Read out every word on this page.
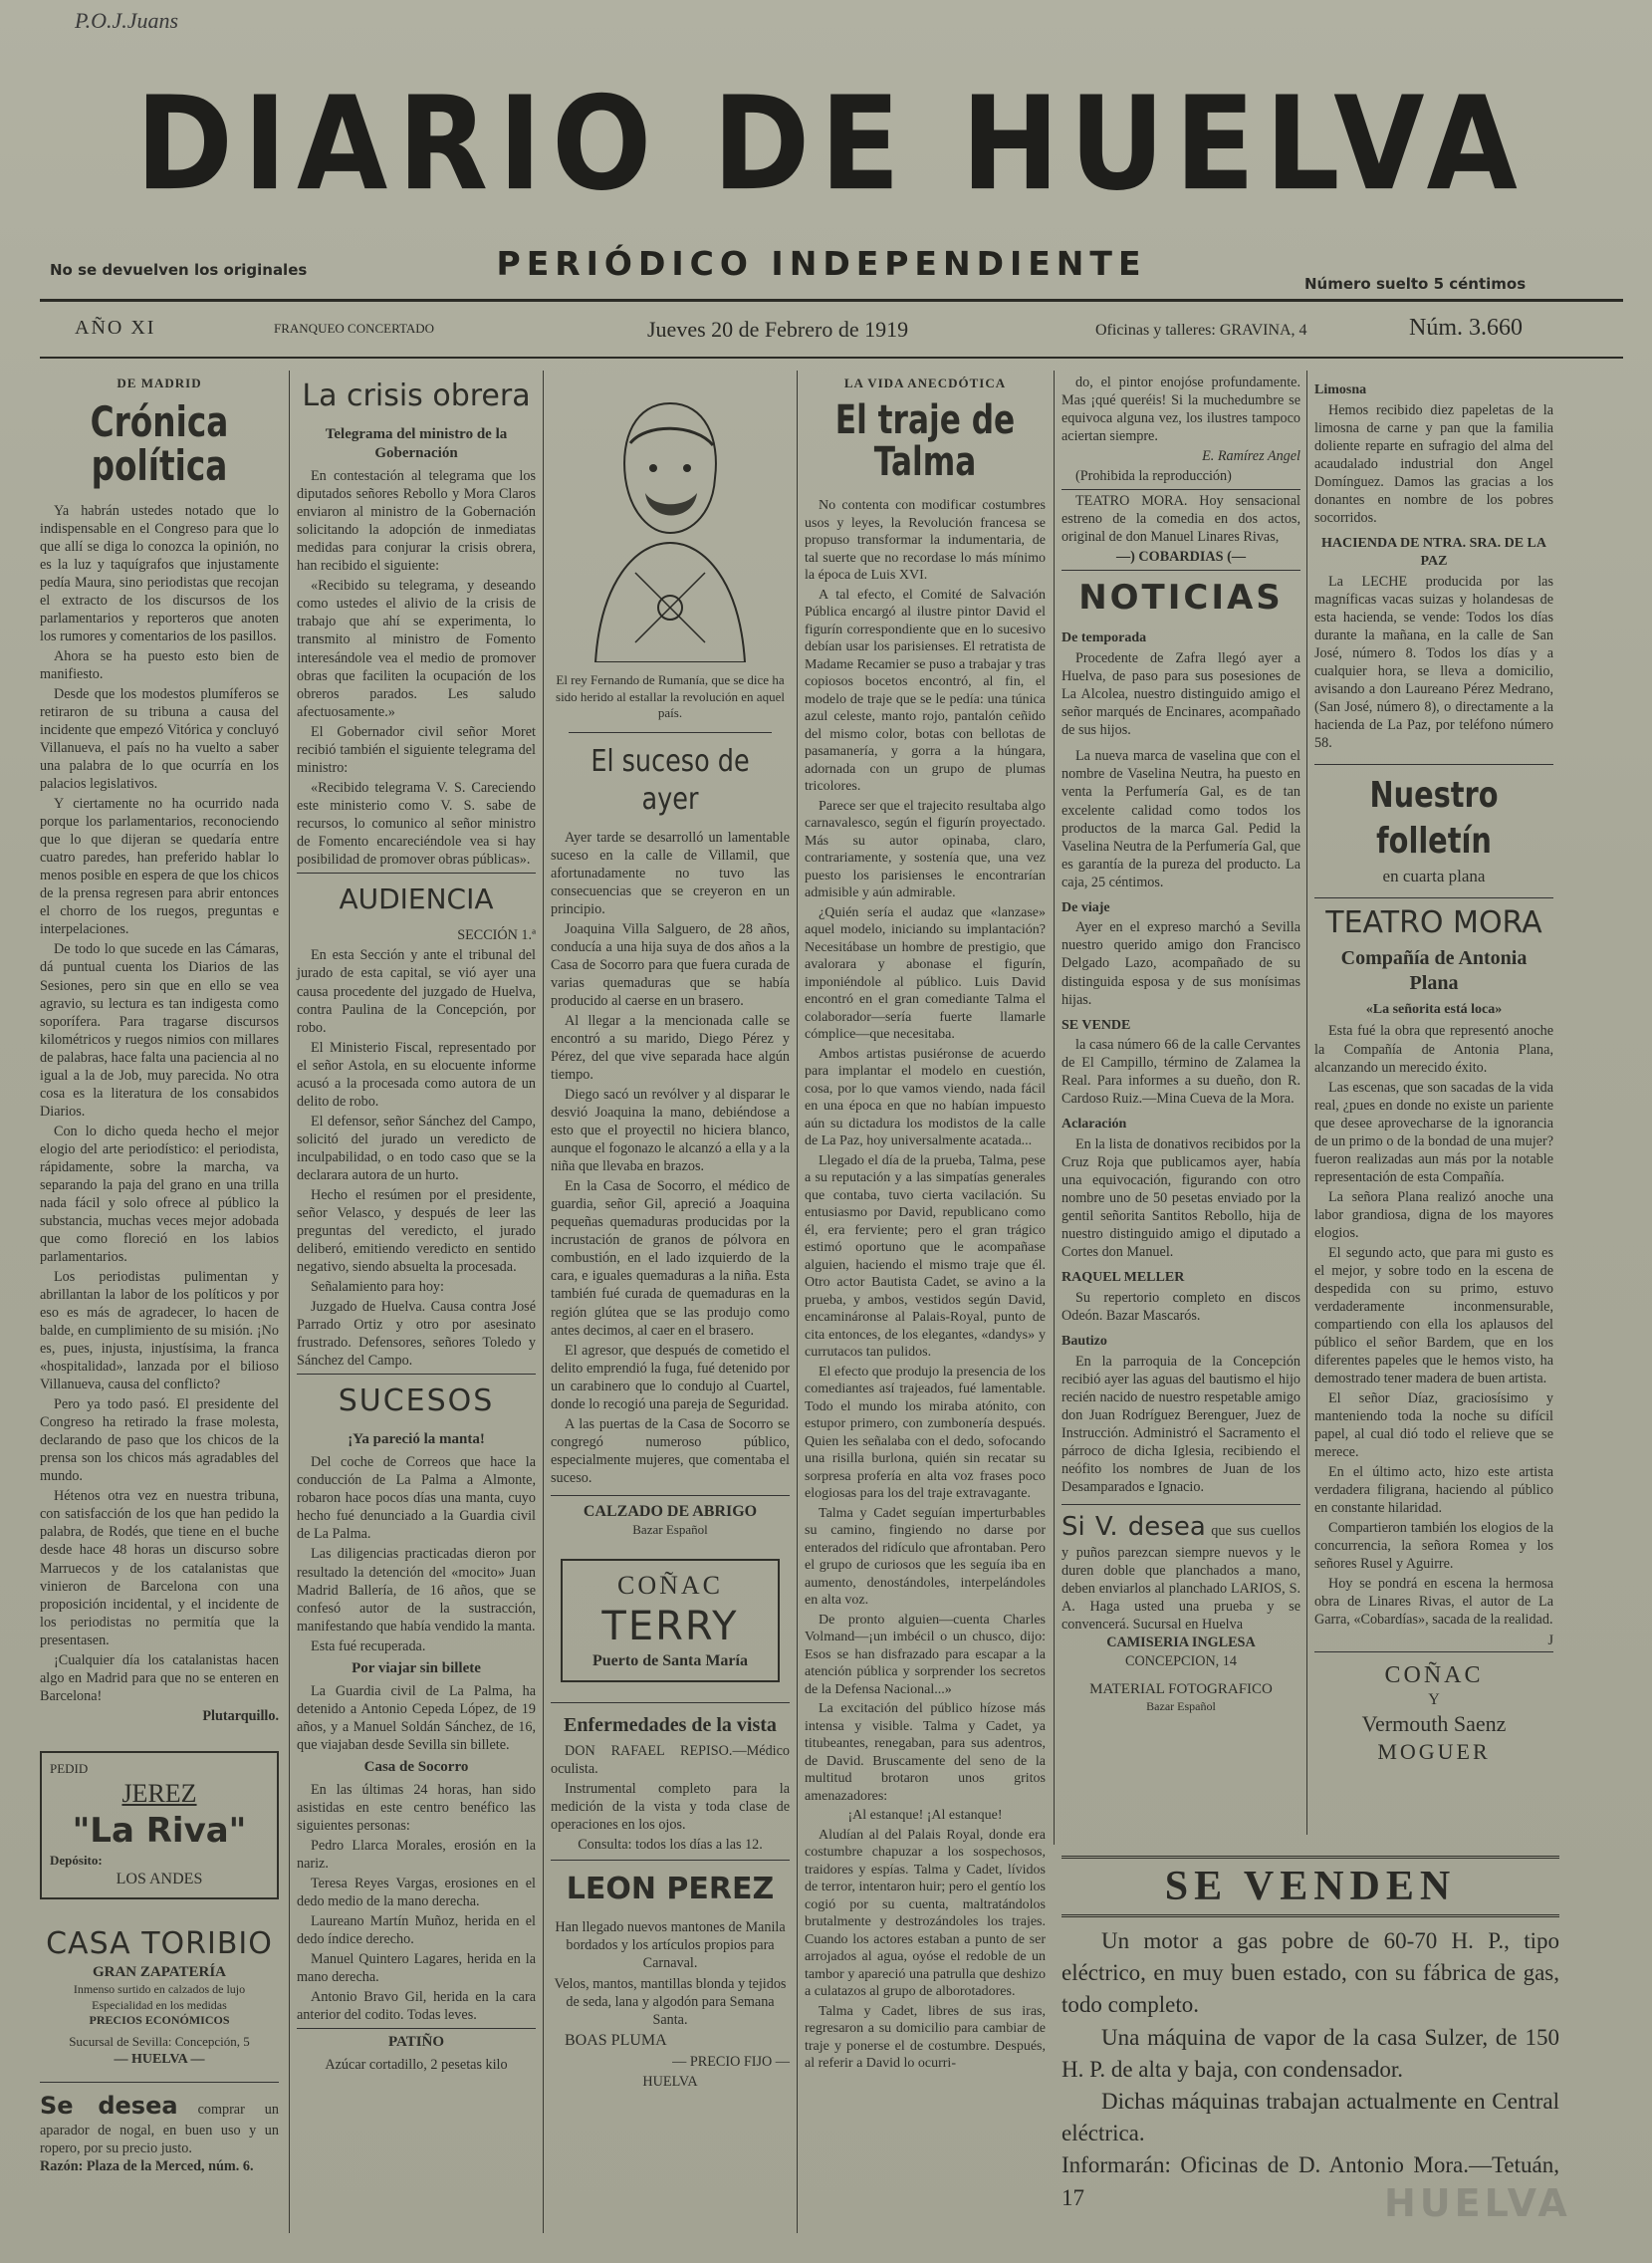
P.O.J.Juans
DIARIO DE HUELVA
No se devuelven los originales	PERIÓDICO INDEPENDIENTE
Número suelto 5 céntimos
AÑO XI	FRANQUEO CONCERTADO	Jueves 20 de Febrero de 1919	Oficinas y talleres: GRAVINA, 4	Núm. 3.660
DE MADRID
Crónica política

Ya habrán ustedes notado que lo indispensable en el Congreso para que lo que allí se diga lo conozca la opinión, no es la luz y taquígrafos que injustamente pedía Maura, sino periodistas que recojan el extracto de los discursos de los parlamentarios y reporteros que anoten los rumores y comentarios de los pasillos.

Ahora se ha puesto esto bien de manifiesto.

Desde que los modestos plumíferos se retiraron de su tribuna a causa del incidente que empezó Vitórica y concluyó Villanueva, el país no ha vuelto a saber una palabra de lo que ocurría en los palacios legislativos.

Y ciertamente no ha ocurrido nada porque los parlamentarios, reconociendo que lo que dijeran se quedaría entre cuatro paredes, han preferido hablar lo menos posible en espera de que los chicos de la prensa regresen para abrir entonces el chorro de los ruegos, preguntas e interpelaciones.

De todo lo que sucede en las Cámaras, dá puntual cuenta los Diarios de las Sesiones, pero sin que en ello se vea agravio, su lectura es tan indigesta como soporífera. Para tragarse discursos kilométricos y ruegos nimios con millares de palabras, hace falta una paciencia al no igual a la de Job, muy parecida. No otra cosa es la literatura de los consabidos Diarios.

Con lo dicho queda hecho el mejor elogio del arte periodístico: el periodista, rápidamente, sobre la marcha, va separando la paja del grano en una trilla nada fácil y solo ofrece al público la substancia, muchas veces mejor adobada que como floreció en los labios parlamentarios.

Los periodistas pulimentan y abrillantan la labor de los políticos y por eso es más de agradecer, lo hacen de balde, en cumplimiento de su misión. ¡No es, pues, injusta, injustísima, la franca «hospitalidad», lanzada por el bilioso Villanueva, causa del conflicto?

Pero ya todo pasó. El presidente del Congreso ha retirado la frase molesta, declarando de paso que los chicos de la prensa son los chicos más agradables del mundo.

Hétenos otra vez en nuestra tribuna, con satisfacción de los que han pedido la palabra, de Rodés, que tiene en el buche desde hace 48 horas un discurso sobre Marruecos y de los catalanistas que vinieron de Barcelona con una proposición incidental, y el incidente de los periodistas no permitía que la presentasen.

¡Cualquier día los catalanistas hacen algo en Madrid para que no se enteren en Barcelona!

Plutarquillo.

PEDID
JEREZ
"La Riva"
Depósito:
LOS ANDES
CASA TORIBIO
GRAN ZAPATERÍA
Inmenso surtido en calzados de lujo
Especialidad en los medidas
PRECIOS ECONÓMICOS
Sucursal de Sevilla: Concepción, 5
— HUELVA —
Se desea comprar un aparador de nogal, en buen uso y un ropero, por su precio justo.
Razón: Plaza de la Merced, núm. 6.
La crisis obrera
Telegrama del ministro de la Gobernación

En contestación al telegrama que los diputados señores Rebollo y Mora Claros enviaron al ministro de la Gobernación solicitando la adopción de inmediatas medidas para conjurar la crisis obrera, han recibido el siguiente:

«Recibido su telegrama, y deseando como ustedes el alivio de la crisis de trabajo que ahí se experimenta, lo transmito al ministro de Fomento interesándole vea el medio de promover obras que faciliten la ocupación de los obreros parados. Les saludo afectuosamente.»

El Gobernador civil señor Moret recibió también el siguiente telegrama del ministro:

«Recibido telegrama V. S. Careciendo este ministerio como V. S. sabe de recursos, lo comunico al señor ministro de Fomento encareciéndole vea si hay posibilidad de promover obras públicas».

AUDIENCIA

SECCIÓN 1.ª

En esta Sección y ante el tribunal del jurado de esta capital, se vió ayer una causa procedente del juzgado de Huelva, contra Paulina de la Concepción, por robo.

El Ministerio Fiscal, representado por el señor Astola, en su elocuente informe acusó a la procesada como autora de un delito de robo.

El defensor, señor Sánchez del Campo, solicitó del jurado un veredicto de inculpabilidad, o en todo caso que se la declarara autora de un hurto.

Hecho el resúmen por el presidente, señor Velasco, y después de leer las preguntas del veredicto, el jurado deliberó, emitiendo veredicto en sentido negativo, siendo absuelta la procesada.

Señalamiento para hoy:

Juzgado de Huelva. Causa contra José Parrado Ortiz y otro por asesinato frustrado. Defensores, señores Toledo y Sánchez del Campo.

SUCESOS
¡Ya pareció la manta!

Del coche de Correos que hace la conducción de La Palma a Almonte, robaron hace pocos días una manta, cuyo hecho fué denunciado a la Guardia civil de La Palma.

Las diligencias practicadas dieron por resultado la detención del «mocito» Juan Madrid Ballería, de 16 años, que se confesó autor de la sustracción, manifestando que había vendido la manta.

Esta fué recuperada.

Por viajar sin billete

La Guardia civil de La Palma, ha detenido a Antonio Cepeda López, de 19 años, y a Manuel Soldán Sánchez, de 16, que viajaban desde Sevilla sin billete.

Casa de Socorro

En las últimas 24 horas, han sido asistidas en este centro benéfico las siguientes personas:

Pedro Llarca Morales, erosión en la nariz.

Teresa Reyes Vargas, erosiones en el dedo medio de la mano derecha.

Laureano Martín Muñoz, herida en el dedo índice derecho.

Manuel Quintero Lagares, herida en la mano derecha.

Antonio Bravo Gil, herida en la cara anterior del codito. Todas leves.

PATIÑO

Azúcar cortadillo, 2 pesetas kilo

El rey Fernando de Rumanía, que se dice ha sido herido al estallar la revolución en aquel país.

El suceso de ayer

Ayer tarde se desarrolló un lamentable suceso en la calle de Villamil, que afortunadamente no tuvo las consecuencias que se creyeron en un principio.

Joaquina Villa Salguero, de 28 años, conducía a una hija suya de dos años a la Casa de Socorro para que fuera curada de varias quemaduras que se había producido al caerse en un brasero.

Al llegar a la mencionada calle se encontró a su marido, Diego Pérez y Pérez, del que vive separada hace algún tiempo.

Diego sacó un revólver y al disparar le desvió Joaquina la mano, debiéndose a esto que el proyectil no hiciera blanco, aunque el fogonazo le alcanzó a ella y a la niña que llevaba en brazos.

En la Casa de Socorro, el médico de guardia, señor Gil, apreció a Joaquina pequeñas quemaduras producidas por la incrustación de granos de pólvora en combustión, en el lado izquierdo de la cara, e iguales quemaduras a la niña. Esta también fué curada de quemaduras en la región glútea que se las produjo como antes decimos, al caer en el brasero.

El agresor, que después de cometido el delito emprendió la fuga, fué detenido por un carabinero que lo condujo al Cuartel, donde lo recogió una pareja de Seguridad.

A las puertas de la Casa de Socorro se congregó numeroso público, especialmente mujeres, que comentaba el suceso.

CALZADO DE ABRIGO
Bazar Español
COÑAC
TERRY
Puerto de Santa María
Enfermedades de la vista

DON RAFAEL REPISO.—Médico oculista.

Instrumental completo para la medición de la vista y toda clase de operaciones en los ojos.

Consulta: todos los días a las 12.

LEON PEREZ

Han llegado nuevos mantones de Manila bordados y los artículos propios para Carnaval.

Velos, mantos, mantillas blonda y tejidos de seda, lana y algodón para Semana Santa.

BOAS PLUMA

— PRECIO FIJO —

HUELVA

LA VIDA ANECDÓTICA
El traje de Talma

No contenta con modificar costumbres usos y leyes, la Revolución francesa se propuso transformar la indumentaria, de tal suerte que no recordase lo más mínimo la época de Luis XVI.

A tal efecto, el Comité de Salvación Pública encargó al ilustre pintor David el figurín correspondiente que en lo sucesivo debían usar los parisienses. El retratista de Madame Recamier se puso a trabajar y tras copiosos bocetos encontró, al fin, el modelo de traje que se le pedía: una túnica azul celeste, manto rojo, pantalón ceñido del mismo color, botas con bellotas de pasamanería, y gorra a la húngara, adornada con un grupo de plumas tricolores.

Parece ser que el trajecito resultaba algo carnavalesco, según el figurín proyectado. Más su autor opinaba, claro, contrariamente, y sostenía que, una vez puesto los parisienses le encontrarían admisible y aún admirable.

¿Quién sería el audaz que «lanzase» aquel modelo, iniciando su implantación? Necesitábase un hombre de prestigio, que avalorara y abonase el figurín, imponiéndole al público. Luis David encontró en el gran comediante Talma el colaborador—sería fuerte llamarle cómplice—que necesitaba.

Ambos artistas pusiéronse de acuerdo para implantar el modelo en cuestión, cosa, por lo que vamos viendo, nada fácil en una época en que no habían impuesto aún su dictadura los modistos de la calle de La Paz, hoy universalmente acatada...

Llegado el día de la prueba, Talma, pese a su reputación y a las simpatías generales que contaba, tuvo cierta vacilación. Su entusiasmo por David, republicano como él, era ferviente; pero el gran trágico estimó oportuno que le acompañase alguien, haciendo el mismo traje que él. Otro actor Bautista Cadet, se avino a la prueba, y ambos, vestidos según David, encamináronse al Palais-Royal, punto de cita entonces, de los elegantes, «dandys» y currutacos tan pulidos.

El efecto que produjo la presencia de los comediantes así trajeados, fué lamentable. Todo el mundo los miraba atónito, con estupor primero, con zumbonería después. Quien les señalaba con el dedo, sofocando una risilla burlona, quién sin recatar su sorpresa profería en alta voz frases poco elogiosas para los del traje extravagante.

Talma y Cadet seguían imperturbables su camino, fingiendo no darse por enterados del ridículo que afrontaban. Pero el grupo de curiosos que les seguía iba en aumento, denostándoles, interpelándoles en alta voz.

De pronto alguien—cuenta Charles Volmand—¡un imbécil o un chusco, dijo: Esos se han disfrazado para escapar a la atención pública y sorprender los secretos de la Defensa Nacional...»

La excitación del público hízose más intensa y visible. Talma y Cadet, ya titubeantes, renegaban, para sus adentros, de David. Bruscamente del seno de la multitud brotaron unos gritos amenazadores:

¡Al estanque! ¡Al estanque!

Aludían al del Palais Royal, donde era costumbre chapuzar a los sospechosos, traidores y espías. Talma y Cadet, lívidos de terror, intentaron huir; pero el gentío los cogió por su cuenta, maltratándolos brutalmente y destrozándoles los trajes. Cuando los actores estaban a punto de ser arrojados al agua, oyóse el redoble de un tambor y apareció una patrulla que deshizo a culatazos al grupo de alborotadores.

Talma y Cadet, libres de sus iras, regresaron a su domicilio para cambiar de traje y ponerse el de costumbre. Después, al referir a David lo ocurri-

do, el pintor enojóse profundamente. Mas ¡qué queréis! Si la muchedumbre se equivoca alguna vez, los ilustres tampoco aciertan siempre.

E. Ramírez Angel

(Prohibida la reproducción)

TEATRO MORA. Hoy sensacional estreno de la comedia en dos actos, original de don Manuel Linares Rivas,

—) COBARDIAS (—

NOTICIAS
De temporada

Procedente de Zafra llegó ayer a Huelva, de paso para sus posesiones de La Alcolea, nuestro distinguido amigo el señor marqués de Encinares, acompañado de sus hijos.

La nueva marca de vaselina que con el nombre de Vaselina Neutra, ha puesto en venta la Perfumería Gal, es de tan excelente calidad como todos los productos de la marca Gal. Pedid la Vaselina Neutra de la Perfumería Gal, que es garantía de la pureza del producto. La caja, 25 céntimos.

De viaje

Ayer en el expreso marchó a Sevilla nuestro querido amigo don Francisco Delgado Lazo, acompañado de su distinguida esposa y de sus monísimas hijas.

SE VENDE

la casa número 66 de la calle Cervantes de El Campillo, término de Zalamea la Real. Para informes a su dueño, don R. Cardoso Ruiz.—Mina Cueva de la Mora.

Aclaración

En la lista de donativos recibidos por la Cruz Roja que publicamos ayer, había una equivocación, figurando con otro nombre uno de 50 pesetas enviado por la gentil señorita Santitos Rebollo, hija de nuestro distinguido amigo el diputado a Cortes don Manuel.

RAQUEL MELLER

Su repertorio completo en discos Odeón. Bazar Mascarós.

Bautizo

En la parroquia de la Concepción recibió ayer las aguas del bautismo el hijo recién nacido de nuestro respetable amigo don Juan Rodríguez Berenguer, Juez de Instrucción. Administró el Sacramento el párroco de dicha Iglesia, recibiendo el neófito los nombres de Juan de los Desamparados e Ignacio.

Si V. desea que sus cuellos y puños parezcan siempre nuevos y le duren doble que planchados a mano, deben enviarlos al planchado LARIOS, S. A. Haga usted una prueba y se convencerá. Sucursal en Huelva
CAMISERIA INGLESA
CONCEPCION, 14
MATERIAL FOTOGRAFICO
Bazar Español
Limosna

Hemos recibido diez papeletas de la limosna de carne y pan que la familia doliente reparte en sufragio del alma del acaudalado industrial don Angel Domínguez. Damos las gracias a los donantes en nombre de los pobres socorridos.

HACIENDA DE NTRA. SRA. DE LA PAZ

La LECHE producida por las magníficas vacas suizas y holandesas de esta hacienda, se vende: Todos los días durante la mañana, en la calle de San José, número 8. Todos los días y a cualquier hora, se lleva a domicilio, avisando a don Laureano Pérez Medrano, (San José, número 8), o directamente a la hacienda de La Paz, por teléfono número 58.

Nuestro folletín
en cuarta plana
TEATRO MORA
Compañía de Antonia Plana
«La señorita está loca»

Esta fué la obra que representó anoche la Compañía de Antonia Plana, alcanzando un merecido éxito.

Las escenas, que son sacadas de la vida real, ¿pues en donde no existe un pariente que desee aprovecharse de la ignorancia de un primo o de la bondad de una mujer? fueron realizadas aun más por la notable representación de esta Compañía.

La señora Plana realizó anoche una labor grandiosa, digna de los mayores elogios.

El segundo acto, que para mi gusto es el mejor, y sobre todo en la escena de despedida con su primo, estuvo verdaderamente inconmensurable, compartiendo con ella los aplausos del público el señor Bardem, que en los diferentes papeles que le hemos visto, ha demostrado tener madera de buen artista.

El señor Díaz, graciosísimo y manteniendo toda la noche su difícil papel, al cual dió todo el relieve que se merece.

En el último acto, hizo este artista verdadera filigrana, haciendo al público en constante hilaridad.

Compartieron también los elogios de la concurrencia, la señora Romea y los señores Rusel y Aguirre.

Hoy se pondrá en escena la hermosa obra de Linares Rivas, el autor de La Garra, «Cobardías», sacada de la realidad.

J

COÑAC
Y
Vermouth Saenz
MOGUER
SE VENDEN
Un motor a gas pobre de 60-70 H. P., tipo eléctrico, en muy buen estado, con su fábrica de gas, todo completo.
Una máquina de vapor de la casa Sulzer, de 150 H. P. de alta y baja, con condensador.
Dichas máquinas trabajan actualmente en Central eléctrica.
Informarán: Oficinas de D. Antonio Mora.—Tetuán, 17	HUELVA
